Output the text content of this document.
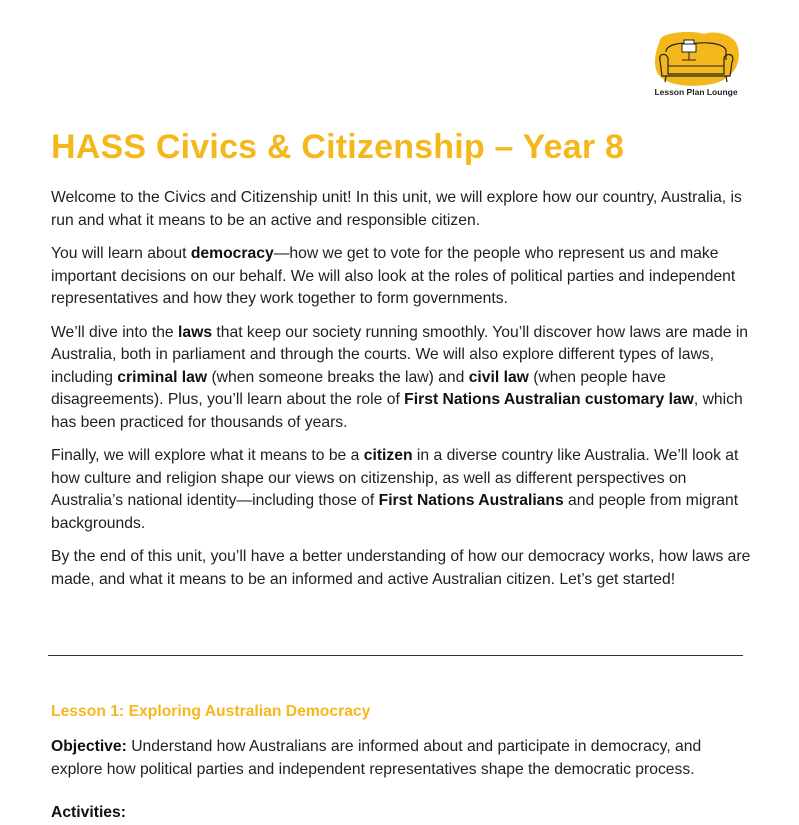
Lesson Plan Lounge
HASS Civics & Citizenship – Year 8

Welcome to the Civics and Citizenship unit! In this unit, we will explore how our country, Australia, is run and what it means to be an active and responsible citizen.

You will learn about democracy—how we get to vote for the people who represent us and make important decisions on our behalf. We will also look at the roles of political parties and independent representatives and how they work together to form governments.

We’ll dive into the laws that keep our society running smoothly. You’ll discover how laws are made in Australia, both in parliament and through the courts. We will also explore different types of laws, including criminal law (when someone breaks the law) and civil law (when people have disagreements). Plus, you’ll learn about the role of First Nations Australian customary law, which has been practiced for thousands of years.

Finally, we will explore what it means to be a citizen in a diverse country like Australia. We’ll look at how culture and religion shape our views on citizenship, as well as different perspectives on Australia’s national identity—including those of First Nations Australians and people from migrant backgrounds.

By the end of this unit, you’ll have a better understanding of how our democracy works, how laws are made, and what it means to be an informed and active Australian citizen. Let’s get started!

Lesson 1: Exploring Australian Democracy

Objective: Understand how Australians are informed about and participate in democracy, and explore how political parties and independent representatives shape the democratic process.

Activities:
